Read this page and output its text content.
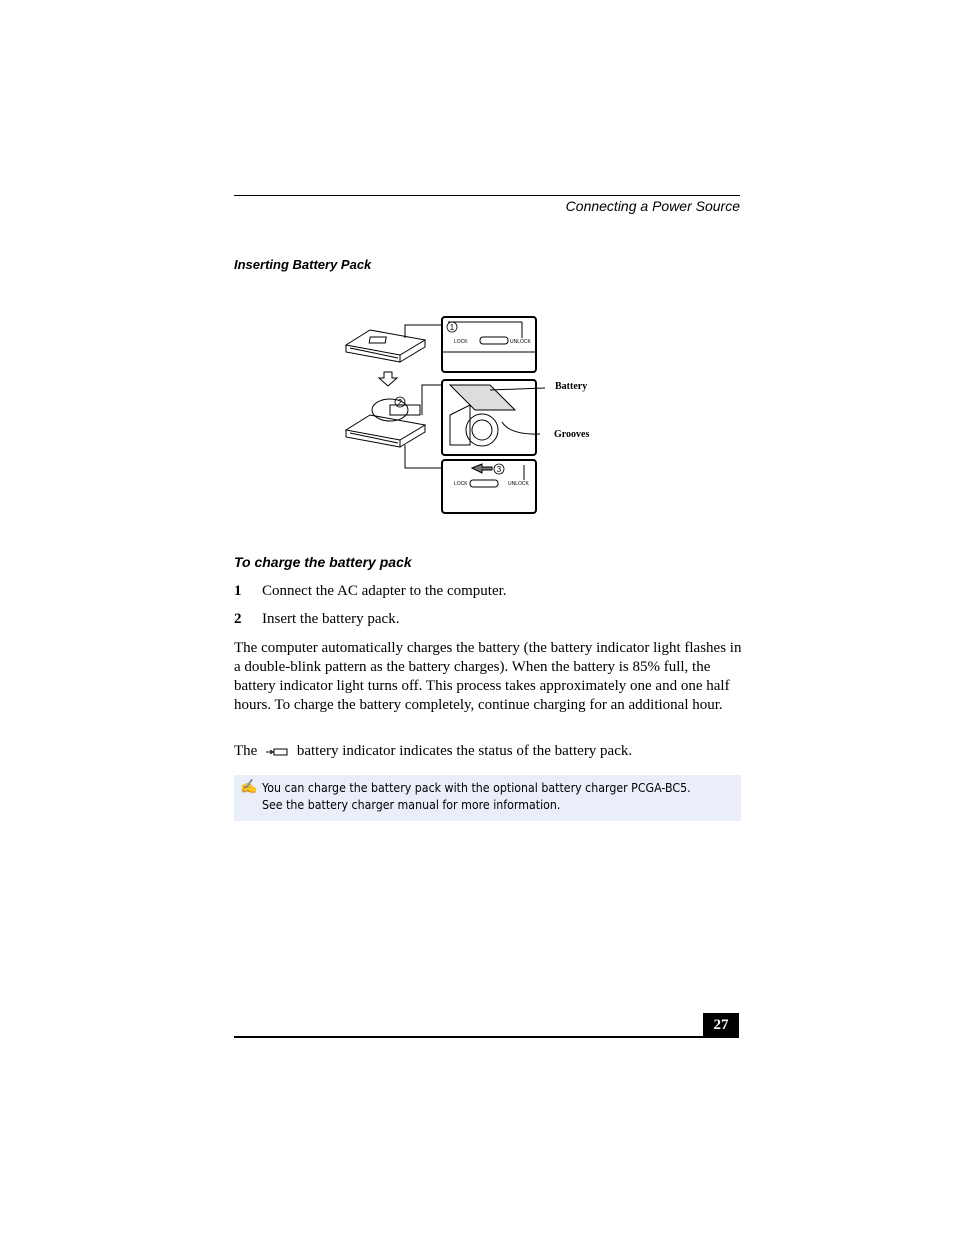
Connecting a Power Source
Inserting Battery Pack
LOCK	UNLOCK
LOCK	UNLOCK
1
2
3
Battery
Grooves
To charge the battery pack
1 Connect the AC adapter to the computer.
2 Insert the battery pack.
The computer automatically charges the battery (the battery indicator light flashes in a double-blink pattern as the battery charges). When the battery is 85% full, the battery indicator light turns off. This process takes approximately one and one half hours. To charge the battery completely, continue charging for an additional hour.
The	battery indicator indicates the status of the battery pack.
✍ You can charge the battery pack with the optional battery charger PCGA-BC5. See the battery charger manual for more information.
27
